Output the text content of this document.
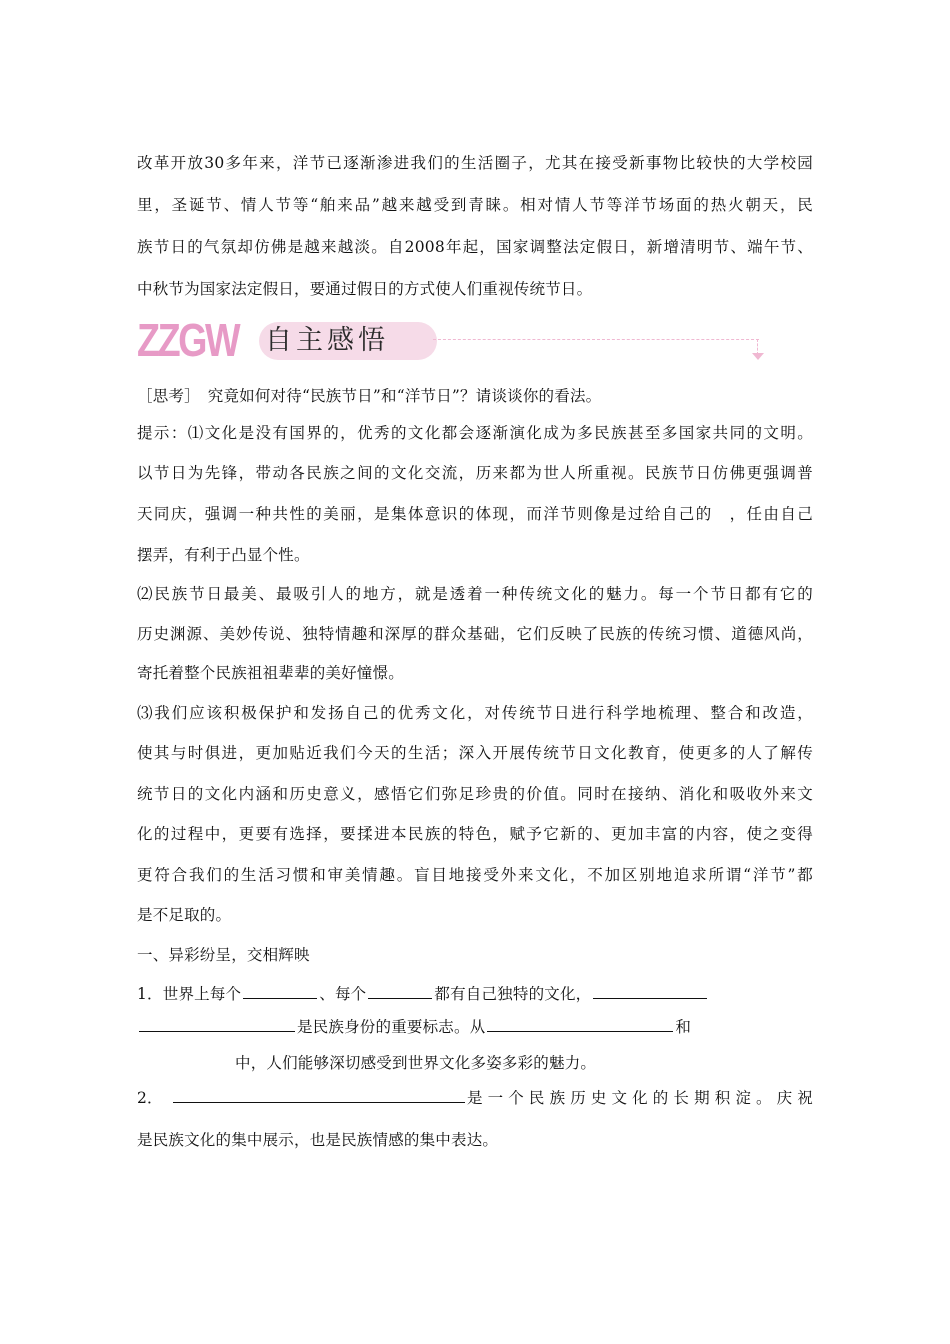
改革开放30多年来，洋节已逐渐渗进我们的生活圈子，尤其在接受新事物比较快的大学校园
里，圣诞节、情人节等“舶来品”越来越受到青睐。相对情人节等洋节场面的热火朝天，民
族节日的气氛却仿佛是越来越淡。自2008年起，国家调整法定假日，新增清明节、端午节、
中秋节为国家法定假日，要通过假日的方式使人们重视传统节日。
ZZGW 自主感悟
［思考］　究竟如何对待“民族节日”和“洋节日”？请谈谈你的看法。
提示：⑴文化是没有国界的，优秀的文化都会逐渐演化成为多民族甚至多国家共同的文明。
以节日为先锋，带动各民族之间的文化交流，历来都为世人所重视。民族节日仿佛更强调普
天同庆，强调一种共性的美丽，是集体意识的体现，而洋节则像是过给自己的　，任由自己
摆弄，有利于凸显个性。
⑵民族节日最美、最吸引人的地方，就是透着一种传统文化的魅力。每一个节日都有它的
历史渊源、美妙传说、独特情趣和深厚的群众基础，它们反映了民族的传统习惯、道德风尚，
寄托着整个民族祖祖辈辈的美好憧憬。
⑶我们应该积极保护和发扬自己的优秀文化，对传统节日进行科学地梳理、整合和改造，
使其与时俱进，更加贴近我们今天的生活；深入开展传统节日文化教育，使更多的人了解传
统节日的文化内涵和历史意义，感悟它们弥足珍贵的价值。同时在接纳、消化和吸收外来文
化的过程中，更要有选择，要揉进本民族的特色，赋予它新的、更加丰富的内容，使之变得
更符合我们的生活习惯和审美情趣。盲目地接受外来文化，不加区别地追求所谓“洋节”都
是不足取的。
一、异彩纷呈，交相辉映
1．世界上每个	、每个	都有自己独特的文化，
是民族身份的重要标志。从	和
中，人们能够深切感受到世界文化多姿多彩的魅力。
2．	是一个民族历史文化的长期积淀。庆祝
是民族文化的集中展示，也是民族情感的集中表达。
